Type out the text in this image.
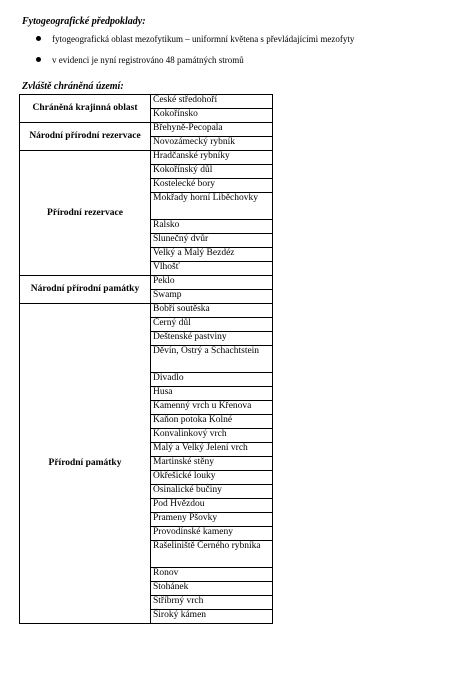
Fytogeografické předpoklady:
fytogeografická oblast mezofytikum – uniformní květena s převládajícími mezofyty
v evidenci je nyní registrováno 48 památných stromů
Zvláště chráněná území:
Chráněná krajinná oblast	České středohoří
	Kokořínsko
Národní přírodní rezervace	Břehyně-Pecopala
	Novozámecký rybník
Přírodní rezervace	Hradčanské rybníky
	Kokořínský důl
	Kostelecké bory
	Mokřady horní Liběchovky
	Ralsko
	Slunečný dvůr
	Velký a Malý Bezdéz
	Vlhošť
Národní přírodní památky	Peklo
	Swamp
Přírodní památky	Bobří soutěska
	Černý důl
	Deštenské pastviny
	Děvín, Ostrý a Schachtstein
	Divadlo
	Husa
	Kamenný vrch u Křenova
	Kaňon potoka Kolné
	Konvalinkový vrch
	Malý a Velký Jelení vrch
	Martinské stěny
	Okřešické louky
	Osinalické bučiny
	Pod Hvězdou
	Prameny Pšovky
	Provodínské kameny
	Rašeliniště Černého rybníka
	Ronov
	Stohánek
	Stříbrný vrch
	Široký kámen
